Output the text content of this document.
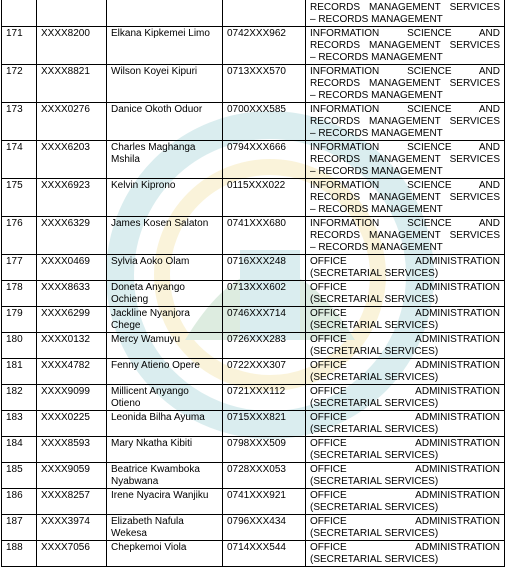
RECORDS MANAGEMENT SERVICES
– RECORDS MANAGEMENT

171	XXXX8200	Elkana Kipkemei Limo	0742XXX962	INFORMATION SCIENCE AND
RECORDS MANAGEMENT SERVICES
– RECORDS MANAGEMENT

172	XXXX8821	Wilson Koyei Kipuri	0713XXX570	INFORMATION SCIENCE AND
RECORDS MANAGEMENT SERVICES
– RECORDS MANAGEMENT

173	XXXX0276	Danice Okoth Oduor	0700XXX585	INFORMATION SCIENCE AND
RECORDS MANAGEMENT SERVICES
– RECORDS MANAGEMENT

174	XXXX6203	Charles Maghanga Mshila	0794XXX666	INFORMATION SCIENCE AND
RECORDS MANAGEMENT SERVICES
– RECORDS MANAGEMENT

175	XXXX6923	Kelvin Kiprono	0115XXX022	INFORMATION SCIENCE AND
RECORDS MANAGEMENT SERVICES
– RECORDS MANAGEMENT

176	XXXX6329	James Kosen Salaton	0741XXX680	INFORMATION SCIENCE AND
RECORDS MANAGEMENT SERVICES
– RECORDS MANAGEMENT

177	XXXX0469	Sylvia Aoko Olam	0716XXX248	OFFICE ADMINISTRATION
(SECRETARIAL SERVICES)

178	XXXX8633	Doneta Anyango Ochieng	0713XXX602	OFFICE ADMINISTRATION
(SECRETARIAL SERVICES)

179	XXXX6299	Jackline Nyanjora Chege	0746XXX714	OFFICE ADMINISTRATION
(SECRETARIAL SERVICES)

180	XXXX0132	Mercy Wamuyu	0726XXX283	OFFICE ADMINISTRATION
(SECRETARIAL SERVICES)

181	XXXX4782	Fenny Atieno Opere	0722XXX307	OFFICE ADMINISTRATION
(SECRETARIAL SERVICES)

182	XXXX9099	Millicent Anyango Otieno	0721XXX112	OFFICE ADMINISTRATION
(SECRETARIAL SERVICES)

183	XXXX0225	Leonida Bilha Ayuma	0715XXX821	OFFICE ADMINISTRATION
(SECRETARIAL SERVICES)

184	XXXX8593	Mary Nkatha Kibiti	0798XXX509	OFFICE ADMINISTRATION
(SECRETARIAL SERVICES)

185	XXXX9059	Beatrice Kwamboka Nyabwana	0728XXX053	OFFICE ADMINISTRATION
(SECRETARIAL SERVICES)

186	XXXX8257	Irene Nyacira Wanjiku	0741XXX921	OFFICE ADMINISTRATION
(SECRETARIAL SERVICES)

187	XXXX3974	Elizabeth Nafula Wekesa	0796XXX434	OFFICE ADMINISTRATION
(SECRETARIAL SERVICES)

188	XXXX7056	Chepkemoi Viola	0714XXX544	OFFICE ADMINISTRATION
(SECRETARIAL SERVICES)
